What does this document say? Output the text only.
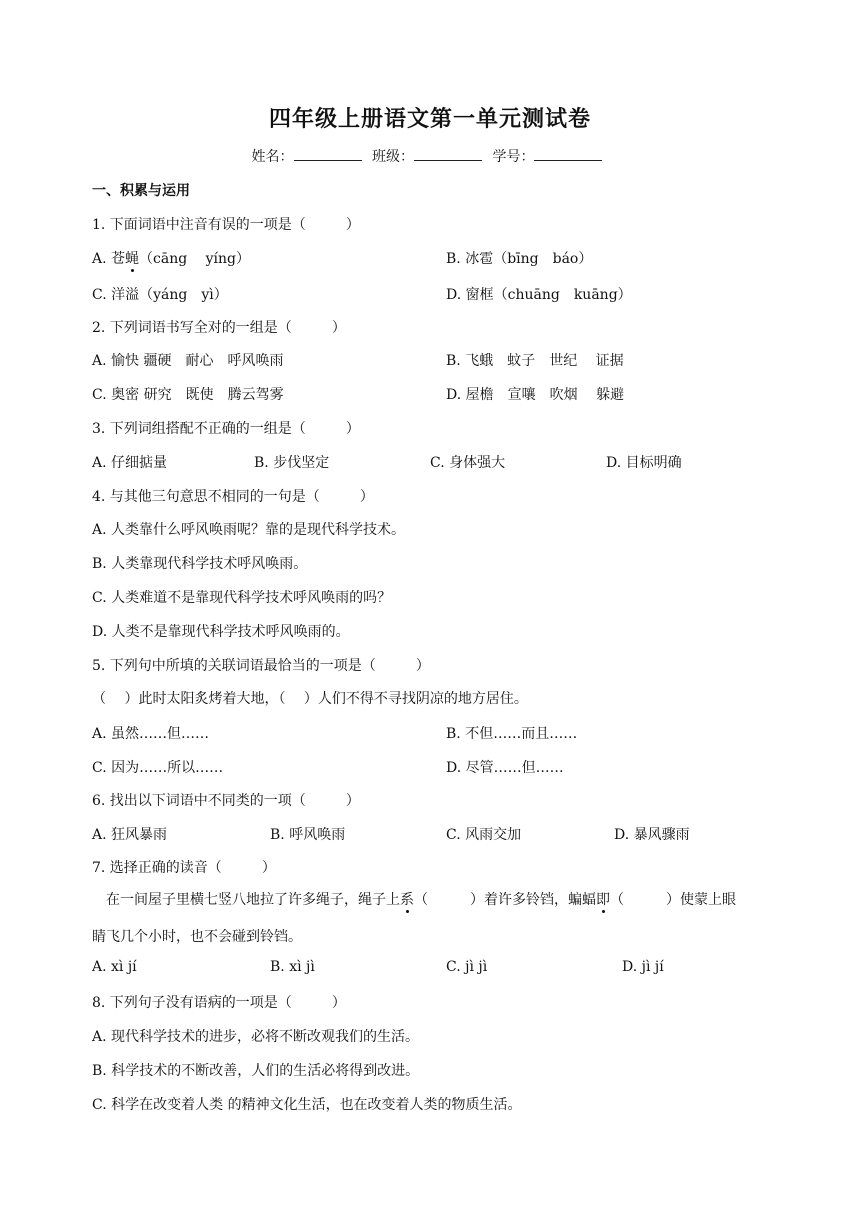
四年级上册语文第一单元测试卷
姓名：	班级：	学号：
一、积累与运用
1. 下面词语中注音有误的一项是（	）
A. 苍蝇（cāng　 yíng）	B. 冰雹（bīng　báo）
C. 洋溢（yáng　yì）	D. 窗框（chuāng　kuāng）
2. 下列词语书写全对的一组是（	）
A. 愉快 疆硬　耐心　呼风唤雨	B. 飞蛾　蚊子　世纪　 证据
C. 奥密 研究　既使　腾云驾雾	D. 屋檐　宣嚷　吹烟　 躲避
3. 下列词组搭配不正确的一组是（	）
A. 仔细掂量	B. 步伐坚定	C. 身体强大	D. 目标明确
4. 与其他三句意思不相同的一句是（	）
A. 人类靠什么呼风唤雨呢？靠的是现代科学技术。
B. 人类靠现代科学技术呼风唤雨。
C. 人类难道不是靠现代科学技术呼风唤雨的吗？
D. 人类不是靠现代科学技术呼风唤雨的。
5. 下列句中所填的关联词语最恰当的一项是（	）
（　 ）此时太阳炙烤着大地，（　 ）人们不得不寻找阴凉的地方居住。
A. 虽然……但……	B. 不但……而且……
C. 因为……所以……	D. 尽管……但……
6. 找出以下词语中不同类的一项（	）
A. 狂风暴雨	B. 呼风唤雨	C. 风雨交加	D. 暴风骤雨
7. 选择正确的读音（	）
　在一间屋子里横七竖八地拉了许多绳子，绳子上系（　　　）着许多铃铛，蝙蝠即（　　　）使蒙上眼
睛飞几个小时，也不会碰到铃铛。
A. xì jí	B. xì jì	C. jì jì	D. jì jí
8. 下列句子没有语病的一项是（	）
A. 现代科学技术的进步，必将不断改观我们的生活。
B. 科学技术的不断改善，人们的生活必将得到改进。
C. 科学在改变着人类 的精神文化生活，也在改变着人类的物质生活。
